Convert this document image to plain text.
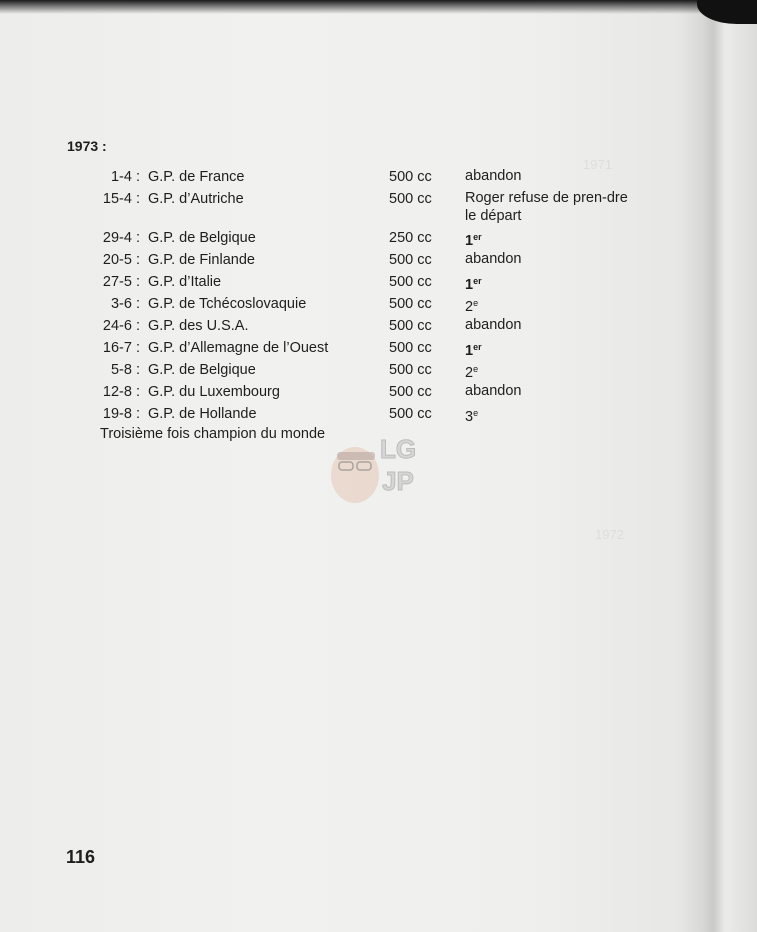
1973 :
1-4 : G.P. de France	500 cc abandon
15-4 : G.P. d’Autriche	500 cc Roger refuse de pren-dre le départ
29-4 : G.P. de Belgique	250 cc 1er
20-5 : G.P. de Finlande	500 cc abandon
27-5 : G.P. d’Italie	500 cc 1er
3-6 : G.P. de Tchécoslovaquie	500 cc 2e
24-6 : G.P. des U.S.A.	500 cc abandon
16-7 : G.P. d’Allemagne de l’Ouest	500 cc 1er
5-8 : G.P. de Belgique	500 cc 2e
12-8 : G.P. du Luxembourg	500 cc abandon
19-8 : G.P. de Hollande	500 cc 3e
Troisième fois champion du monde LG
JP
1971
1972
116
